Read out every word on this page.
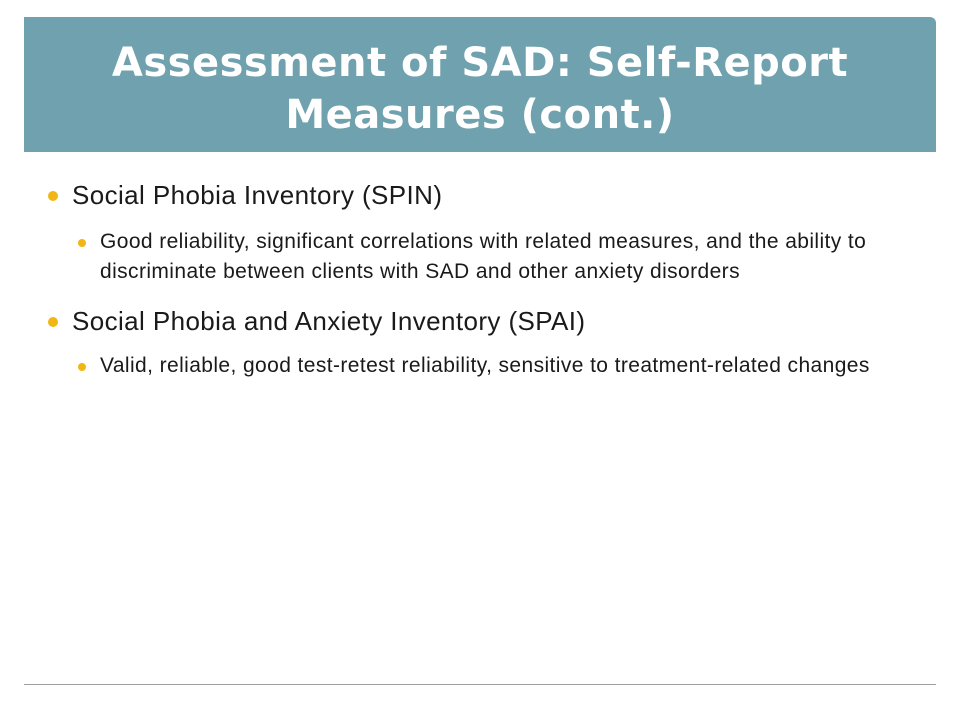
Assessment of SAD: Self-Report Measures (cont.)
Social Phobia Inventory (SPIN)
Good reliability, significant correlations with related measures, and the ability to discriminate between clients with SAD and other anxiety disorders
Social Phobia and Anxiety Inventory (SPAI)
Valid, reliable, good test-retest reliability, sensitive to treatment-related changes
